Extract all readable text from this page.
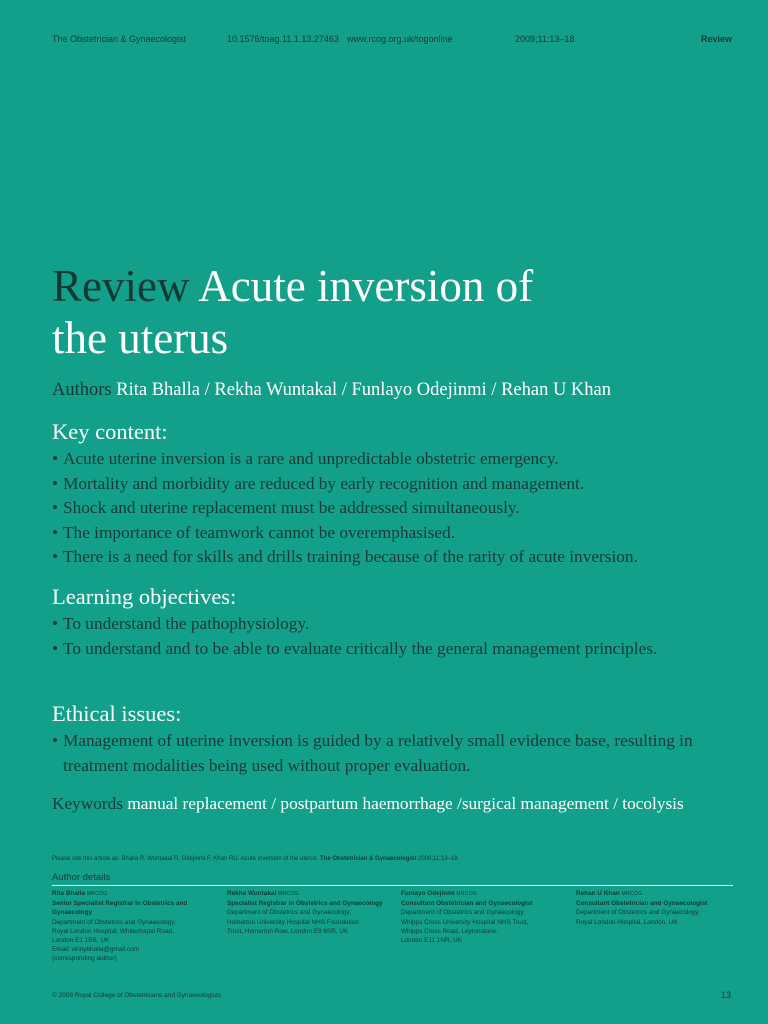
The Obstetrician & Gynaecologist	10.1576/toag.11.1.13.27463 www.rcog.org.uk/togonline	2009;11:13–18	Review
Review Acute inversion of
the uterus
Authors Rita Bhalla / Rekha Wuntakal / Funlayo Odejinmi / Rehan U Khan
Key content:
• Acute uterine inversion is a rare and unpredictable obstetric emergency.
• Mortality and morbidity are reduced by early recognition and management.
• Shock and uterine replacement must be addressed simultaneously.
• The importance of teamwork cannot be overemphasised.
• There is a need for skills and drills training because of the rarity of acute inversion.
Learning objectives:
• To understand the pathophysiology.
• To understand and to be able to evaluate critically the general management principles.
Ethical issues:
• Management of uterine inversion is guided by a relatively small evidence base, resulting in treatment modalities being used without proper evaluation.
Keywords manual replacement / postpartum haemorrhage /surgical management / tocolysis
Please cite this article as: Bhalla R, Wuntakal R, Odejinmi F, Khan RU. Acute inversion of the uterus. The Obstetrician & Gynaecologist 2009;11:13–18.
Author details
Rita Bhalla MRCOG
Senior Specialist Registrar in Obstetrics and Gynaecology
Department of Obstetrics and Gynaecology,
Royal London Hospital, Whitechapel Road,
London E1 1BB, UK
Email: vinnybhalla@gmail.com
(corresponding author)
Rekha Wuntakal MRCOG
Specialist Registrar in Obstetrics and Gynaecology
Department of Obstetrics and Gynaecology,
Homerton University Hospital NHS Foundation
Trust, Homerton Row, London E9 6SR, UK
Funlayo Odejinmi MRCOG
Consultant Obstetrician and Gynaecologist
Department of Obstetrics and Gynaecology,
Whipps Cross University Hospital NHS Trust,
Whipps Cross Road, Leytonstone,
London E11 1NR, UK
Rehan U Khan MRCOG
Consultant Obstetrician and Gynaecologist
Department of Obstetrics and Gynaecology,
Royal London Hospital, London, UK
© 2009 Royal College of Obstetricians and Gynaecologists	13
